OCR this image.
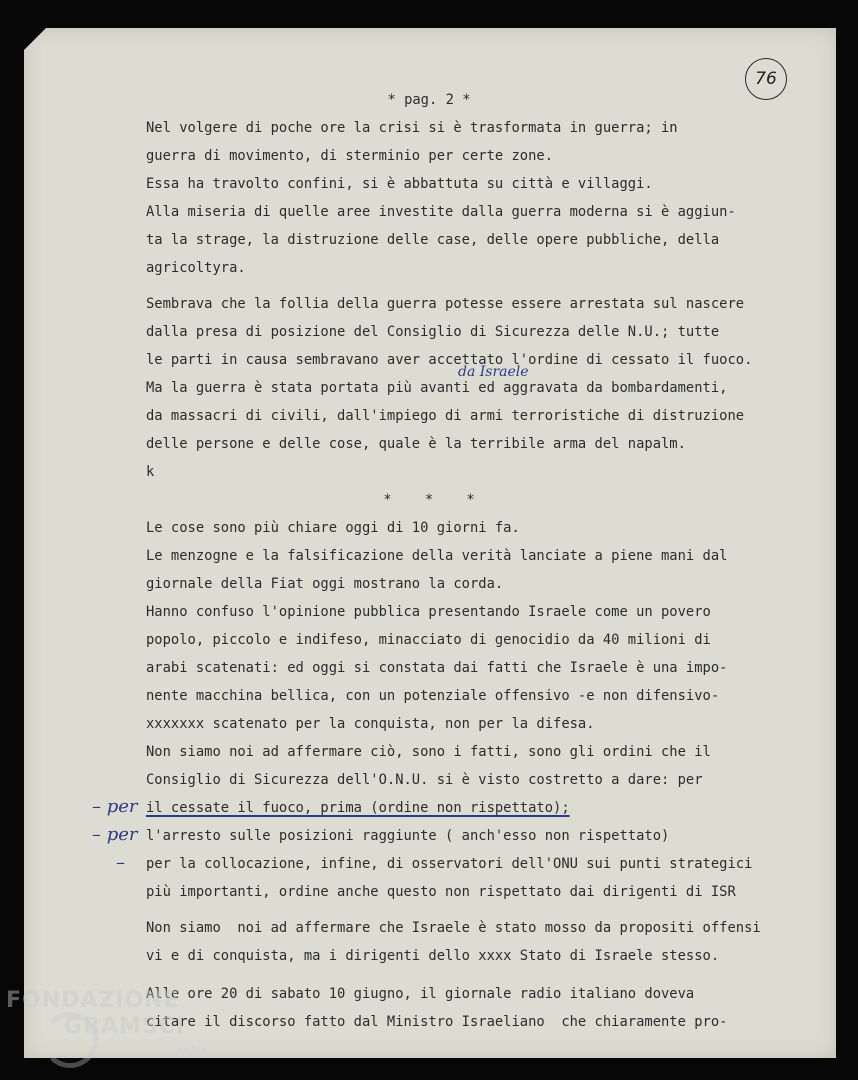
76
* pag. 2 *
Nel volgere di poche ore la crisi si è trasformata in guerra; in
guerra di movimento, di sterminio per certe zone.
Essa ha travolto confini, si è abbattuta su città e villaggi.
Alla miseria di quelle aree investite dalla guerra moderna si è aggiun-
ta la strage, la distruzione delle case, delle opere pubbliche, della
agricoltyra.
Sembrava che la follia della guerra potesse essere arrestata sul nascere
dalla presa di posizione del Consiglio di Sicurezza delle N.U.; tutte
le parti in causa sembravano aver accettato l'ordine di cessato il fuoco.
Ma la guerra è stata portata più avanti ed aggravata da bombardamenti,
da massacri di civili, dall'impiego di armi terroristiche di distruzione
delle persone e delle cose, quale è la terribile arma del napalm.
k
*    *    *
Le cose sono più chiare oggi di 10 giorni fa.
Le menzogne e la falsificazione della verità lanciate a piene mani dal
giornale della Fiat oggi mostrano la corda.
Hanno confuso l'opinione pubblica presentando Israele come un povero
popolo, piccolo e indifeso, minacciato di genocidio da 40 milioni di
arabi scatenati: ed oggi si constata dai fatti che Israele è una impo-
nente macchina bellica, con un potenziale offensivo -e non difensivo-
xxxxxxx scatenato per la conquista, non per la difesa.
Non siamo noi ad affermare ciò, sono i fatti, sono gli ordini che il
Consiglio di Sicurezza dell'O.N.U. si è visto costretto a dare: per
il cessate il fuoco, prima (ordine non rispettato);
l'arresto sulle posizioni raggiunte ( anch'esso non rispettato)
per la collocazione, infine, di osservatori dell'ONU sui punti strategici
più importanti, ordine anche questo non rispettato dai dirigenti di ISR
Non siamo  noi ad affermare che Israele è stato mosso da propositi offensi
vi e di conquista, ma i dirigenti dello xxxx Stato di Israele stesso.
Alle ore 20 di sabato 10 giugno, il giornale radio italiano doveva
citare il discorso fatto dal Ministro Israeliano  che chiaramente pro-
da Israele
– per
– per
–
FONDAZIONE
GRAMSCI
onlus
